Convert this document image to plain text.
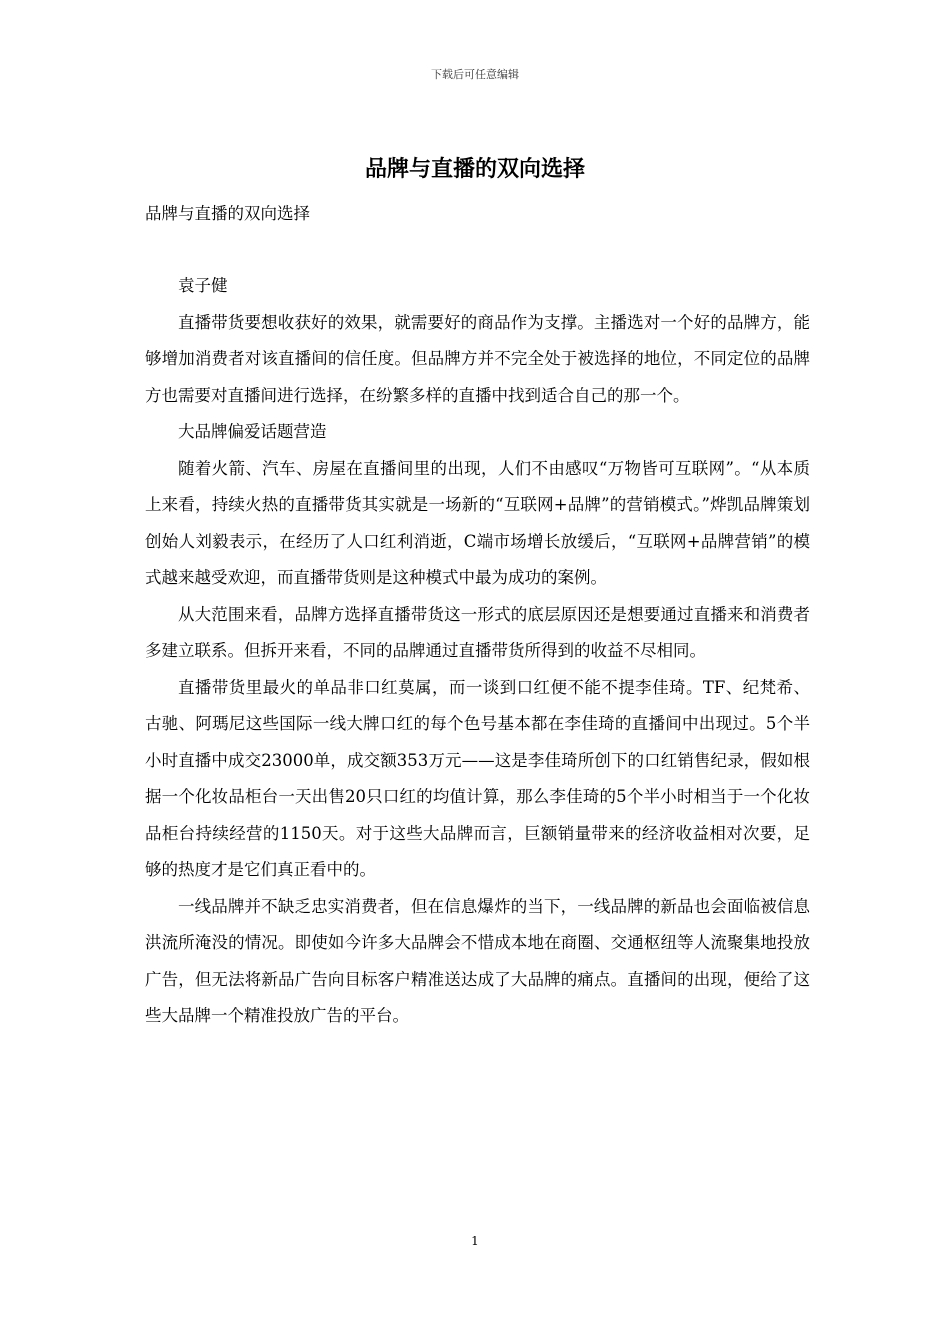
下载后可任意编辑
品牌与直播的双向选择

品牌与直播的双向选择

袁子健

直播带货要想收获好的效果，就需要好的商品作为支撑。主播选对一个好的品牌方，能够增加消费者对该直播间的信任度。但品牌方并不完全处于被选择的地位，不同定位的品牌方也需要对直播间进行选择，在纷繁多样的直播中找到适合自己的那一个。

大品牌偏爱话题营造

随着火箭、汽车、房屋在直播间里的出现，人们不由感叹“万物皆可互联网”。“从本质上来看，持续火热的直播带货其实就是一场新的“互联网+品牌”的营销模式。”烨凯品牌策划创始人刘毅表示，在经历了人口红利消逝，C端市场增长放缓后，“互联网+品牌营销”的模式越来越受欢迎，而直播带货则是这种模式中最为成功的案例。

从大范围来看，品牌方选择直播带货这一形式的底层原因还是想要通过直播来和消费者多建立联系。但拆开来看，不同的品牌通过直播带货所得到的收益不尽相同。

直播带货里最火的单品非口红莫属，而一谈到口红便不能不提李佳琦。TF、纪梵希、古驰、阿瑪尼这些国际一线大牌口红的每个色号基本都在李佳琦的直播间中出现过。5个半小时直播中成交23000单，成交额353万元——这是李佳琦所创下的口红销售纪录，假如根据一个化妆品柜台一天出售20只口红的均值计算，那么李佳琦的5个半小时相当于一个化妆品柜台持续经营的1150天。对于这些大品牌而言，巨额销量带来的经济收益相对次要，足够的热度才是它们真正看中的。

一线品牌并不缺乏忠实消费者，但在信息爆炸的当下，一线品牌的新品也会面临被信息洪流所淹没的情况。即使如今许多大品牌会不惜成本地在商圈、交通枢纽等人流聚集地投放广告，但无法将新品广告向目标客户精准送达成了大品牌的痛点。直播间的出现，便给了这些大品牌一个精准投放广告的平台。

1
